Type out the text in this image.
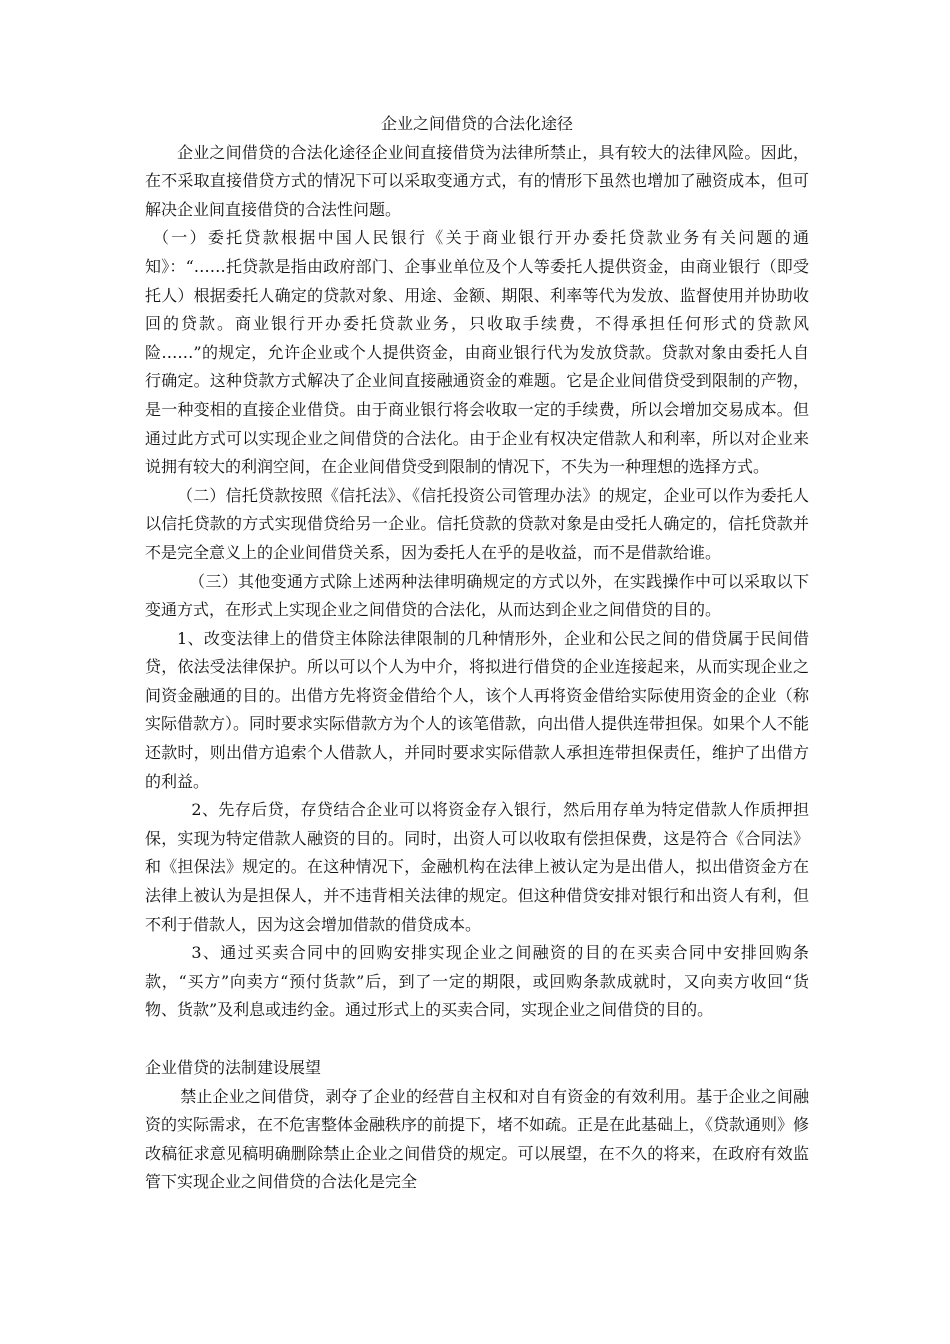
企业之间借贷的合法化途径

企业之间借贷的合法化途径企业间直接借贷为法律所禁止，具有较大的法律风险。因此，在不采取直接借贷方式的情况下可以采取变通方式，有的情形下虽然也增加了融资成本，但可解决企业间直接借贷的合法性问题。

（一）委托贷款根据中国人民银行《关于商业银行开办委托贷款业务有关问题的通知》：“……托贷款是指由政府部门、企事业单位及个人等委托人提供资金，由商业银行（即受托人）根据委托人确定的贷款对象、用途、金额、期限、利率等代为发放、监督使用并协助收回的贷款。商业银行开办委托贷款业务，只收取手续费，不得承担任何形式的贷款风险……”的规定，允许企业或个人提供资金，由商业银行代为发放贷款。贷款对象由委托人自行确定。这种贷款方式解决了企业间直接融通资金的难题。它是企业间借贷受到限制的产物，是一种变相的直接企业借贷。由于商业银行将会收取一定的手续费，所以会增加交易成本。但通过此方式可以实现企业之间借贷的合法化。由于企业有权决定借款人和利率，所以对企业来说拥有较大的利润空间，在企业间借贷受到限制的情况下，不失为一种理想的选择方式。

（二）信托贷款按照《信托法》、《信托投资公司管理办法》的规定，企业可以作为委托人以信托贷款的方式实现借贷给另一企业。信托贷款的贷款对象是由受托人确定的，信托贷款并不是完全意义上的企业间借贷关系，因为委托人在乎的是收益，而不是借款给谁。

（三）其他变通方式除上述两种法律明确规定的方式以外，在实践操作中可以采取以下变通方式，在形式上实现企业之间借贷的合法化，从而达到企业之间借贷的目的。

1、改变法律上的借贷主体除法律限制的几种情形外，企业和公民之间的借贷属于民间借贷，依法受法律保护。所以可以个人为中介，将拟进行借贷的企业连接起来，从而实现企业之间资金融通的目的。出借方先将资金借给个人，该个人再将资金借给实际使用资金的企业（称实际借款方）。同时要求实际借款方为个人的该笔借款，向出借人提供连带担保。如果个人不能还款时，则出借方追索个人借款人，并同时要求实际借款人承担连带担保责任，维护了出借方的利益。

2、先存后贷，存贷结合企业可以将资金存入银行，然后用存单为特定借款人作质押担保，实现为特定借款人融资的目的。同时，出资人可以收取有偿担保费，这是符合《合同法》和《担保法》规定的。在这种情况下，金融机构在法律上被认定为是出借人，拟出借资金方在法律上被认为是担保人，并不违背相关法律的规定。但这种借贷安排对银行和出资人有利，但不利于借款人，因为这会增加借款的借贷成本。

3、通过买卖合同中的回购安排实现企业之间融资的目的在买卖合同中安排回购条款，“买方”向卖方“预付货款”后，到了一定的期限，或回购条款成就时，又向卖方收回“货物、货款”及利息或违约金。通过形式上的买卖合同，实现企业之间借贷的目的。

企业借贷的法制建设展望

禁止企业之间借贷，剥夺了企业的经营自主权和对自有资金的有效利用。基于企业之间融资的实际需求，在不危害整体金融秩序的前提下，堵不如疏。正是在此基础上，《贷款通则》修改稿征求意见稿明确删除禁止企业之间借贷的规定。可以展望，在不久的将来，在政府有效监管下实现企业之间借贷的合法化是完全
